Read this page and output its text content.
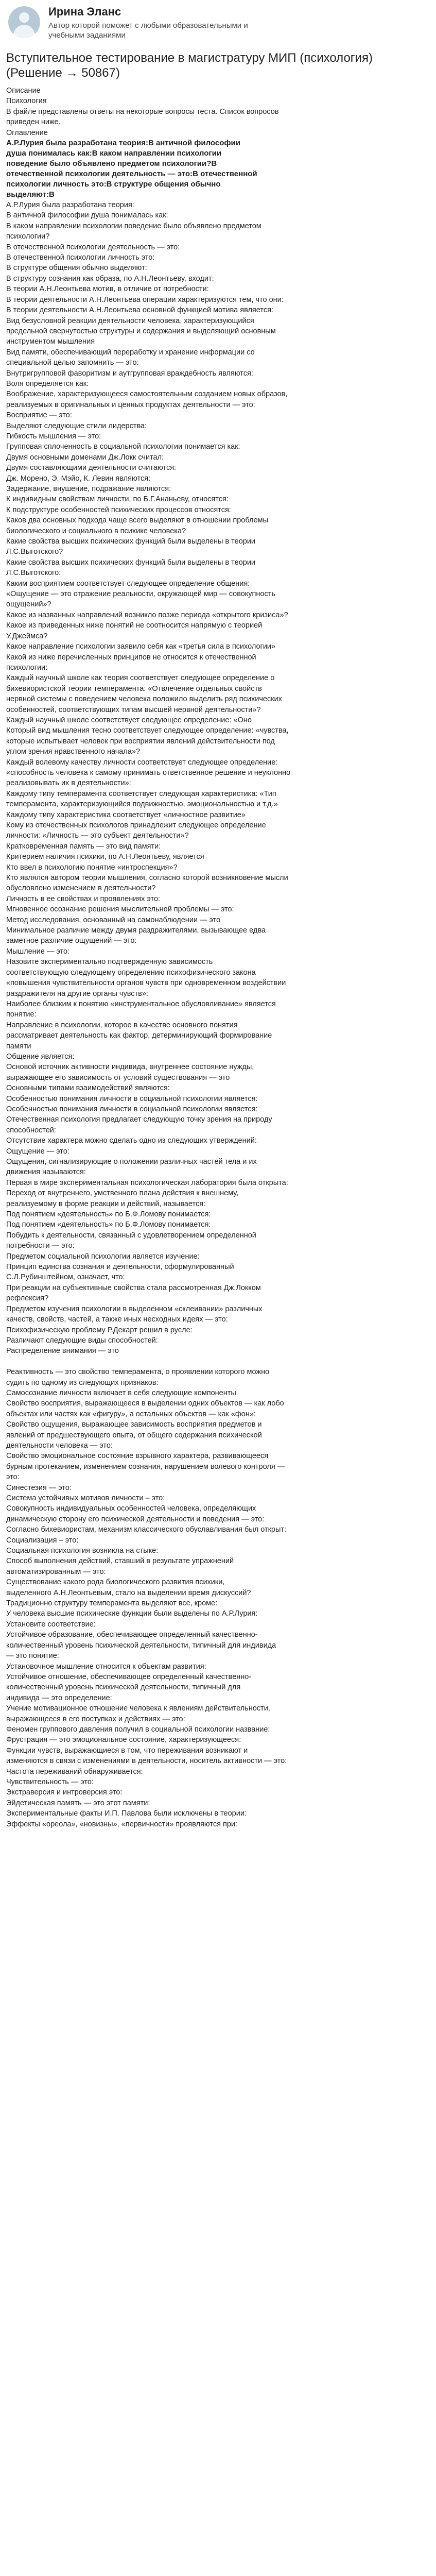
Ирина Эланс
Автор которой поможет с любыми образовательными и учебными заданиями
Вступительное тестирование в магистратуру МИП (психология)
(Решение → 50867)
Описание
Психология
В файле представлены ответы на некоторые вопросы теста. Список вопросов
приведен ниже.
Оглавление
А.Р.Лурия была разработана теория:В античной философии
душа понималась как:В каком направлении психологии
поведение было объявлено предметом психологии?В
отечественной психологии деятельность — это:В отечественной
психологии личность это:В структуре общения обычно
выделяют:В
А.Р.Лурия была разработана теория:
В античной философии душа понималась как:
В каком направлении психологии поведение было объявлено предметом
психологии?
В отечественной психологии деятельность — это:
В отечественной психологии личность это:
В структуре общения обычно выделяют:
В структуру сознания как образа, по А.Н.Леонтьеву, входит:
В теории А.Н.Леонтьева мотив, в отличие от потребности:
В теории деятельности А.Н.Леонтьева операции характеризуются тем, что они:
В теории деятельности А.Н.Леонтьева основной функцией мотива является:
Вид безусловной реакции деятельности человека, характеризующийся
предельной свернутостью структуры и содержания и выделяющий основным
инструментом мышления
Вид памяти, обеспечивающий переработку и хранение информации со
специальной целью запомнить — это:
Внутригрупповой фаворитизм и аутгрупповая враждебность являются:
Воля определяется как:
Воображение, характеризующееся самостоятельным созданием новых образов,
реализуемых в оригинальных и ценных продуктах деятельности — это:
Восприятие — это:
Выделяют следующие стили лидерства:
Гибкость мышления — это:
Групповая сплоченность в социальной психологии понимается как:
Двумя основными доменами Дж.Локк считал:
Двумя составляющими деятельности считаются:
Дж. Морено, Э. Мэйо, К. Левин являются:
Задержание, внушение, подражание являются:
К индивидным свойствам личности, по Б.Г.Ананьеву, относятся:
К подструктуре особенностей психических процессов относятся:
Каков два основных подхода чаще всего выделяют в отношении проблемы
биологического и социального в психике человека?
Какие свойства высших психических функций были выделены в теории
Л.С.Выготского?
Какие свойства высших психических функций были выделены в теории
Л.С.Выготского:
Каким восприятием соответствует следующее определение общения:
«Ощущение — это отражение реальности, окружающей мир — совокупность
ощущений»?
Какое из названных направлений возникло позже периода «открытого кризиса»?
Какое из приведенных ниже понятий не соотносится напрямую с теорией
У.Джеймса?
Какое направление психологии заявило себя как «третья сила в психологии»
Какой из ниже перечисленных принципов не относится к отечественной
психологии:
Каждый научный школе как теория соответствует следующее определение о
бихевиористской теории темперамента: «Отвлечение отдельных свойств
нервной системы с поведением человека положило выделить ряд психических
особенностей, соответствующих типам высшей нервной деятельности»?
Каждый научный школе соответствует следующее определение: «Оно
Который вид мышления тесно соответствует следующее определение: «чувства,
которые испытывает человек при восприятии явлений действительности под
углом зрения нравственного начала»?
Каждый волевому качеству личности соответствует следующее определение:
«способность человека к самому принимать ответственное решение и неуклонно
реализовывать их в деятельности»:
Каждому типу темперамента соответствует следующая характеристика: «Тип
темперамента, характеризующийся подвижностью, эмоциональностью и т.д.»
Каждому типу характеристика соответствует «личностное развитие»
Кому из отечественных психологов принадлежит следующее определение
личности: «Личность — это субъект деятельности»?
Кратковременная память — это вид памяти:
Критерием наличия психики, по А.Н.Леонтьеву, является
Кто ввел в психологию понятие «интроспекция»?
Кто являлся автором теории мышления, согласно которой возникновение мысли
обусловлено изменением в деятельности?
Личность в ее свойствах и проявлениях это:
Мгновенное осознание решения мыслительной проблемы — это:
Метод исследования, основанный на самонаблюдении — это
Минимальное различие между двумя раздражителями, вызывающее едва
заметное различие ощущений — это:
Мышление — это:
Назовите экспериментально подтвержденную зависимость
соответствующую следующему определению психофизического закона
«повышения чувствительности органов чувств при одновременном воздействии
раздражителя на другие органы чувств»:
Наиболее близким к понятию «инструментальное обусловливание» является
понятие:
Направление в психологии, которое в качестве основного понятия
рассматривает деятельность как фактор, детерминирующий формирование
памяти
Общение является:
Основой источник активности индивида, внутреннее состояние нужды,
выражающее его зависимость от условий существования — это
Основными типами взаимодействий являются:
Особенностью понимания личности в социальной психологии является:
Особенностью понимания личности в социальной психологии является:
Отечественная психология предлагает следующую точку зрения на природу
способностей:
Отсутствие характера можно сделать одно из следующих утверждений:
Ощущение — это:
Ощущения, сигнализирующие о положении различных частей тела и их
движения называются:
Первая в мире экспериментальная психологическая лаборатория была открыта:
Переход от внутреннего, умственного плана действия к внешнему,
реализуемому в форме реакции и действий, называется:
Под понятием «деятельность» по Б.Ф.Ломову понимается:
Под понятием «деятельность» по Б.Ф.Ломову понимается:
Побудить к деятельности, связанный с удовлетворением определенной
потребности — это:
Предметом социальной психологии является изучение:
Принцип единства сознания и деятельности, сформулированный
С.Л.Рубинштейном, означает, что:
При реакции на субъективные свойства стала рассмотренная Дж.Локком
рефлексия?
Предметом изучения психологии в выделенном «склеивании» различных
качеств, свойств, частей, а также иных несходных идеях — это:
Психофизическую проблему Р.Декарт решил в русле:
Различают следующие виды способностей:
Распределение внимания — это

Реактивность — это свойство темперамента, о проявлении которого можно
судить по одному из следующих признаков:
Самосознание личности включает в себя следующие компоненты
Свойство восприятия, выражающееся в выделении одних объектов — как лобо
объектах или частях как «фигуру», а остальных объектов — как «фон»:
Свойство ощущения, выражающее зависимость восприятия предметов и
явлений от предшествующего опыта, от общего содержания психической
деятельности человека — это:
Свойство эмоциональное состояние взрывного характера, развивающееся
бурным протеканием, изменением сознания, нарушением волевого контроля —
это:
Синестезия — это:
Система устойчивых мотивов личности – это:
Совокупность индивидуальных особенностей человека, определяющих
динамическую сторону его психической деятельности и поведения — это:
Согласно бихевиористам, механизм классического обуславливания был открыт:
Социализация – это:
Социальная психология возникла на стыке:
Способ выполнения действий, ставший в результате упражнений
автоматизированным — это:
Существование какого рода биологического развития психики,
выделенного А.Н.Леонтьевым, стало на выделении время дискуссий?
Традиционно структуру темперамента выделяют все, кроме:
У человека высшие психические функции были выделены по А.Р.Лурия:
Установите соответствие:
Устойчивое образование, обеспечивающее определенный качественно-
количественный уровень психической деятельности, типичный для индивида
— это понятие:
Установочное мышление относится к объектам развития:
Устойчивое отношение, обеспечивающее определенный качественно-
количественный уровень психической деятельности, типичный для
индивида — это определение:
Учение мотивационное отношение человека к явлениям действительности,
выражающееся в его поступках и действиях — это:
Феномен группового давления получил в социальной психологии название:
Фрустрация — это эмоциональное состояние, характеризующееся:
Функции чувств, выражающиеся в том, что переживания возникают и
изменяются в связи с изменениями в деятельности, носитель активности — это:
Частота переживаний обнаруживается:
Чувствительность — это:
Экстраверсия и интроверсия это:
Эйдетическая память — это этот памяти:
Экспериментальные факты И.П. Павлова были исключены в теории:
Эффекты «ореола», «новизны», «первичности» проявляются при:
